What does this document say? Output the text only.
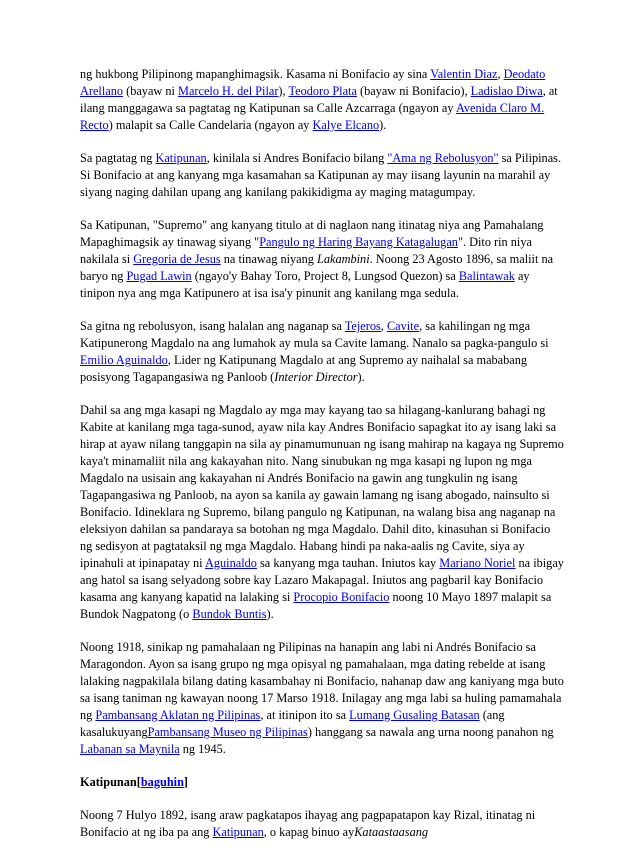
ng hukbong Pilipinong mapanghimagsik. Kasama ni Bonifacio ay sina Valentin Diaz, Deodato Arellano (bayaw ni Marcelo H. del Pilar), Teodoro Plata (bayaw ni Bonifacio), Ladislao Diwa, at ilang manggagawa sa pagtatag ng Katipunan sa Calle Azcarraga (ngayon ay Avenida Claro M. Recto) malapit sa Calle Candelaria (ngayon ay Kalye Elcano).

Sa pagtatag ng Katipunan, kinilala si Andres Bonifacio bilang "Ama ng Rebolusyon" sa Pilipinas. Si Bonifacio at ang kanyang mga kasamahan sa Katipunan ay may iisang layunin na marahil ay siyang naging dahilan upang ang kanilang pakikidigma ay maging matagumpay.

Sa Katipunan, "Supremo" ang kanyang titulo at di naglaon nang itinatag niya ang Pamahalang Mapaghimagsik ay tinawag siyang "Pangulo ng Haring Bayang Katagalugan". Dito rin niya nakilala si Gregoria de Jesus na tinawag niyang Lakambini. Noong 23 Agosto 1896, sa maliit na baryo ng Pugad Lawin (ngayo'y Bahay Toro, Project 8, Lungsod Quezon) sa Balintawak ay tinipon nya ang mga Katipunero at isa isa'y pinunit ang kanilang mga sedula.

Sa gitna ng rebolusyon, isang halalan ang naganap sa Tejeros, Cavite, sa kahilingan ng mga Katipunerong Magdalo na ang lumahok ay mula sa Cavite lamang. Nanalo sa pagka-pangulo si Emilio Aguinaldo, Lider ng Katipunang Magdalo at ang Supremo ay naihalal sa mababang posisyong Tagapangasiwa ng Panloob (Interior Director).

Dahil sa ang mga kasapi ng Magdalo ay mga may kayang tao sa hilagang-kanlurang bahagi ng Kabite at kanilang mga taga-sunod, ayaw nila kay Andres Bonifacio sapagkat ito ay isang laki sa hirap at ayaw nilang tanggapin na sila ay pinamumunuan ng isang mahirap na kagaya ng Supremo kaya't minamaliit nila ang kakayahan nito. Nang sinubukan ng mga kasapi ng lupon ng mga Magdalo na usisain ang kakayahan ni Andrés Bonifacio na gawin ang tungkulin ng isang Tagapangasiwa ng Panloob, na ayon sa kanila ay gawain lamang ng isang abogado, nainsulto si Bonifacio. Idineklara ng Supremo, bilang pangulo ng Katipunan, na walang bisa ang naganap na eleksiyon dahilan sa pandaraya sa botohan ng mga Magdalo. Dahil dito, kinasuhan si Bonifacio ng sedisyon at pagtataksil ng mga Magdalo. Habang hindi pa naka-aalis ng Cavite, siya ay ipinahuli at ipinapatay ni Aguinaldo sa kanyang mga tauhan. Iniutos kay Mariano Noriel na ibigay ang hatol sa isang selyadong sobre kay Lazaro Makapagal. Iniutos ang pagbaril kay Bonifacio kasama ang kanyang kapatid na lalaking si Procopio Bonifacio noong 10 Mayo 1897 malapit sa Bundok Nagpatong (o Bundok Buntis).

Noong 1918, sinikap ng pamahalaan ng Pilipinas na hanapin ang labi ni Andrés Bonifacio sa Maragondon. Ayon sa isang grupo ng mga opisyal ng pamahalaan, mga dating rebelde at isang lalaking nagpakilala bilang dating kasambahay ni Bonifacio, nahanap daw ang kaniyang mga buto sa isang taniman ng kawayan noong 17 Marso 1918. Inilagay ang mga labi sa huling pamamahala ng Pambansang Aklatan ng Pilipinas, at itinipon ito sa Lumang Gusaling Batasan (ang kasalukuyangPambansang Museo ng Pilipinas) hanggang sa nawala ang urna noong panahon ng Labanan sa Maynila ng 1945.

Katipunan[baguhin]

Noong 7 Hulyo 1892, isang araw pagkatapos ihayag ang pagpapatapon kay Rizal, itinatag ni Bonifacio at ng iba pa ang Katipunan, o kapag binuo ayKataastaasang
